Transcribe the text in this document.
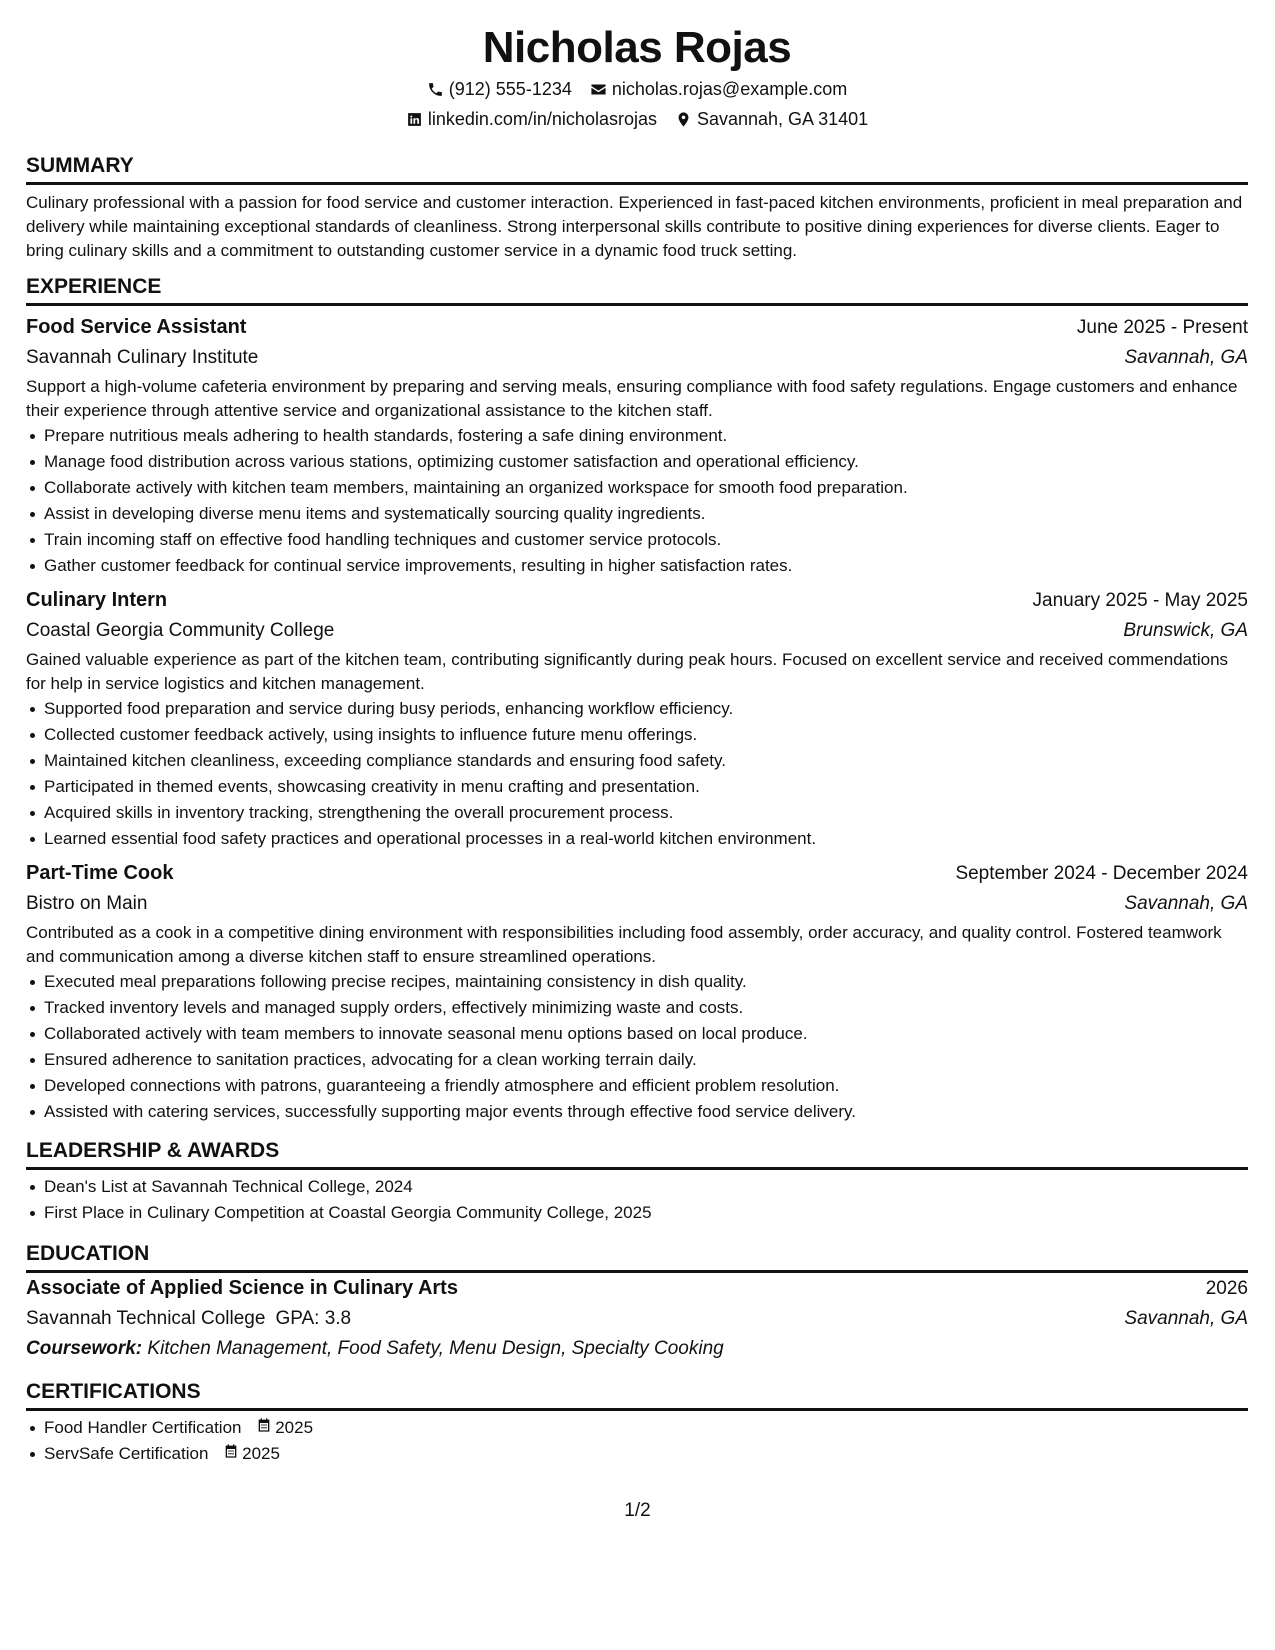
Nicholas Rojas
(912) 555-1234 nicholas.rojas@example.com
linkedin.com/in/nicholasrojas Savannah, GA 31401
SUMMARY

Culinary professional with a passion for food service and customer interaction. Experienced in fast-paced kitchen environments, proficient in meal preparation and delivery while maintaining exceptional standards of cleanliness. Strong interpersonal skills contribute to positive dining experiences for diverse clients. Eager to bring culinary skills and a commitment to outstanding customer service in a dynamic food truck setting.

EXPERIENCE
Food Service Assistant	June 2025 - Present
Savannah Culinary Institute	Savannah, GA

Support a high-volume cafeteria environment by preparing and serving meals, ensuring compliance with food safety regulations. Engage customers and enhance their experience through attentive service and organizational assistance to the kitchen staff.

Prepare nutritious meals adhering to health standards, fostering a safe dining environment.
Manage food distribution across various stations, optimizing customer satisfaction and operational efficiency.
Collaborate actively with kitchen team members, maintaining an organized workspace for smooth food preparation.
Assist in developing diverse menu items and systematically sourcing quality ingredients.
Train incoming staff on effective food handling techniques and customer service protocols.
Gather customer feedback for continual service improvements, resulting in higher satisfaction rates.
Culinary Intern	January 2025 - May 2025
Coastal Georgia Community College	Brunswick, GA

Gained valuable experience as part of the kitchen team, contributing significantly during peak hours. Focused on excellent service and received commendations for help in service logistics and kitchen management.

Supported food preparation and service during busy periods, enhancing workflow efficiency.
Collected customer feedback actively, using insights to influence future menu offerings.
Maintained kitchen cleanliness, exceeding compliance standards and ensuring food safety.
Participated in themed events, showcasing creativity in menu crafting and presentation.
Acquired skills in inventory tracking, strengthening the overall procurement process.
Learned essential food safety practices and operational processes in a real-world kitchen environment.
Part-Time Cook	September 2024 - December 2024
Bistro on Main	Savannah, GA

Contributed as a cook in a competitive dining environment with responsibilities including food assembly, order accuracy, and quality control. Fostered teamwork and communication among a diverse kitchen staff to ensure streamlined operations.

Executed meal preparations following precise recipes, maintaining consistency in dish quality.
Tracked inventory levels and managed supply orders, effectively minimizing waste and costs.
Collaborated actively with team members to innovate seasonal menu options based on local produce.
Ensured adherence to sanitation practices, advocating for a clean working terrain daily.
Developed connections with patrons, guaranteeing a friendly atmosphere and efficient problem resolution.
Assisted with catering services, successfully supporting major events through effective food service delivery.
LEADERSHIP & AWARDS
Dean's List at Savannah Technical College, 2024
First Place in Culinary Competition at Coastal Georgia Community College, 2025
EDUCATION
Associate of Applied Science in Culinary Arts	2026
Savannah Technical College GPA: 3.8	Savannah, GA
Coursework: Kitchen Management, Food Safety, Menu Design, Specialty Cooking
CERTIFICATIONS
Food Handler Certification 2025
ServSafe Certification 2025
1/2
